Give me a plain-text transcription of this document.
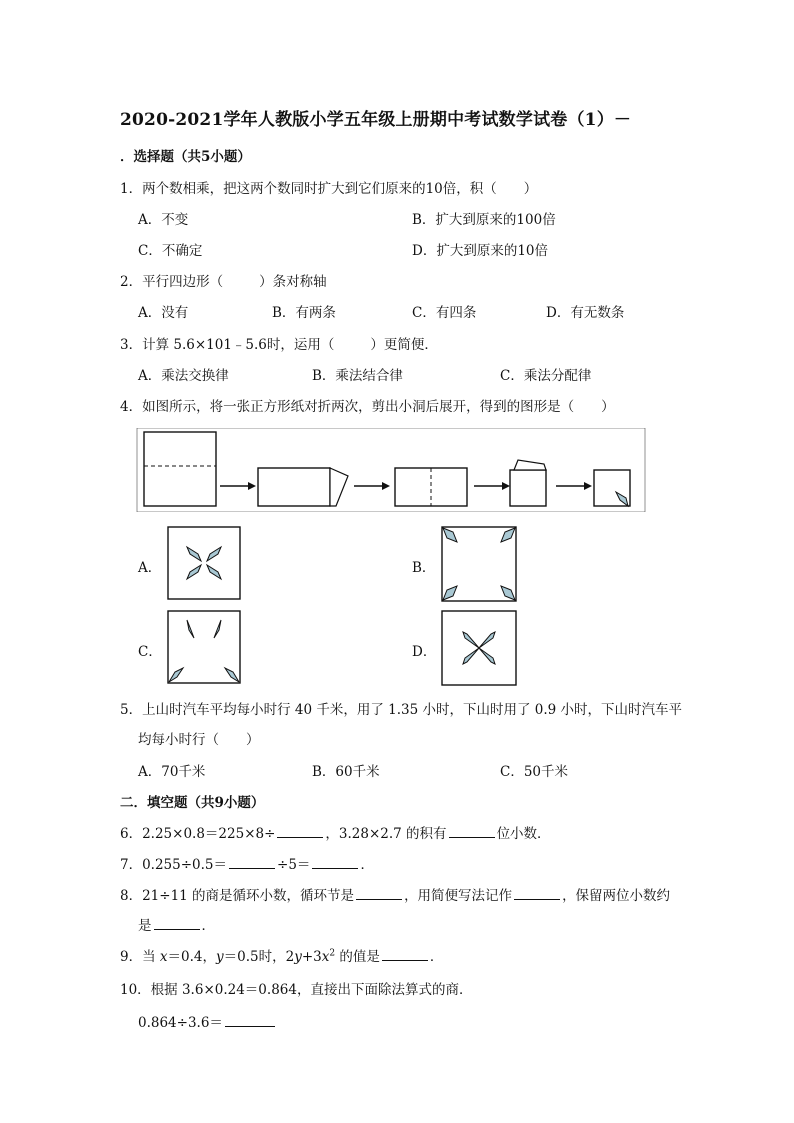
2020-2021学年人教版小学五年级上册期中考试数学试卷（1）－
．选择题（共5小题）
1．两个数相乘，把这两个数同时扩大到它们原来的10倍，积（　　）
A．不变	B．扩大到原来的100倍
C．不确定	D．扩大到原来的10倍
2．平行四边形（	）条对称轴
A．没有	B．有两条	C．有四条	D．有无数条
3．计算 5.6×101﹣5.6时，运用（	）更简便．
A．乘法交换律	B．乘法结合律	C．乘法分配律
4．如图所示，将一张正方形纸对折两次，剪出小洞后展开，得到的图形是（　　）
A．	B．
C．	D．
5．上山时汽车平均每小时行 40 千米，用了 1.35 小时，下山时用了 0.9 小时，下山时汽车平
均每小时行（　　）
A．70千米	B．60千米	C．50千米
二．填空题（共9小题）
6．2.25×0.8＝225×8÷	，3.28×2.7 的积有	位小数．
7．0.255÷0.5＝	÷5＝	．
8．21÷11 的商是循环小数，循环节是	，用简便写法记作	，保留两位小数约
是	．
9．当 x＝0.4，y＝0.5时，$2y+3x^2$ 的值是	．
10．根据 3.6×0.24＝0.864，直接出下面除法算式的商．
0.864÷3.6＝
